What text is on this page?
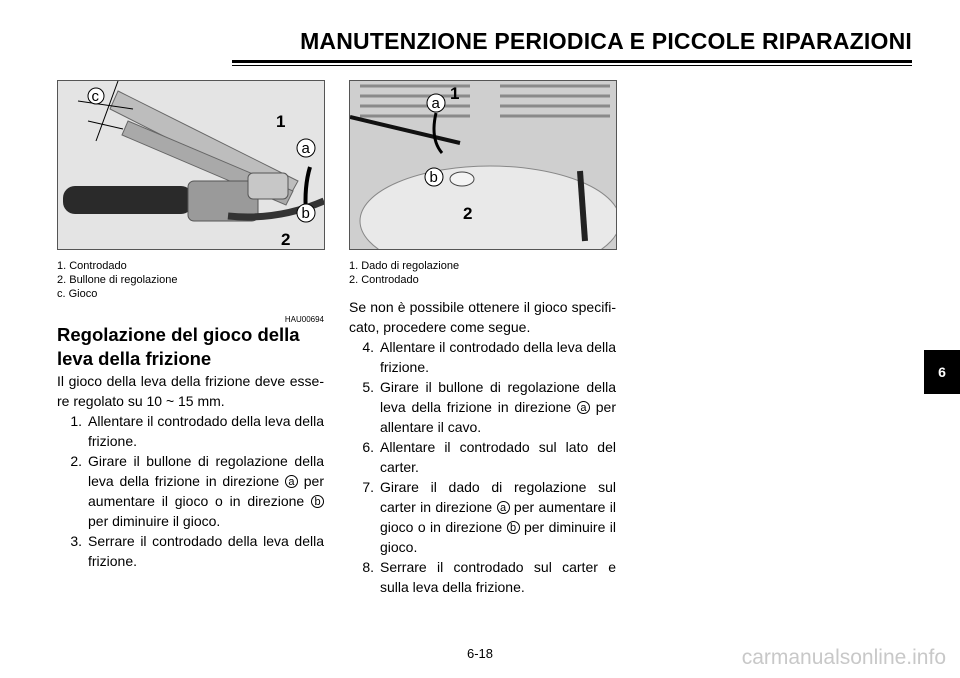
MANUTENZIONE PERIODICA E PICCOLE RIPARAZIONI
c
1
a
b
2
1. Controdado
2. Bullone di regolazione
c. Gioco
a
1
b
2
1. Dado di regolazione
2. Controdado
HAU00694
Regolazione del gioco della leva della frizione

Il gioco della leva della frizione deve esse-re regolato su 10 ~ 15 mm.

1. Allentare il controdado della leva della frizione.
2. Girare il bullone di regolazione della leva della frizione in direzione a per aumentare il gioco o in direzione b per diminuire il gioco.
3. Serrare il controdado della leva della frizione.

Se non è possibile ottenere il gioco specifi-cato, procedere come segue.

4. Allentare il controdado della leva della frizione.
5. Girare il bullone di regolazione della leva della frizione in direzione a per allentare il cavo.
6. Allentare il controdado sul lato del carter.
7. Girare il dado di regolazione sul carter in direzione a per aumentare il gioco o in direzione b per diminuire il gioco.
8. Serrare il controdado sul carter e sulla leva della frizione.
6
6-18	carmanualsonline.info
